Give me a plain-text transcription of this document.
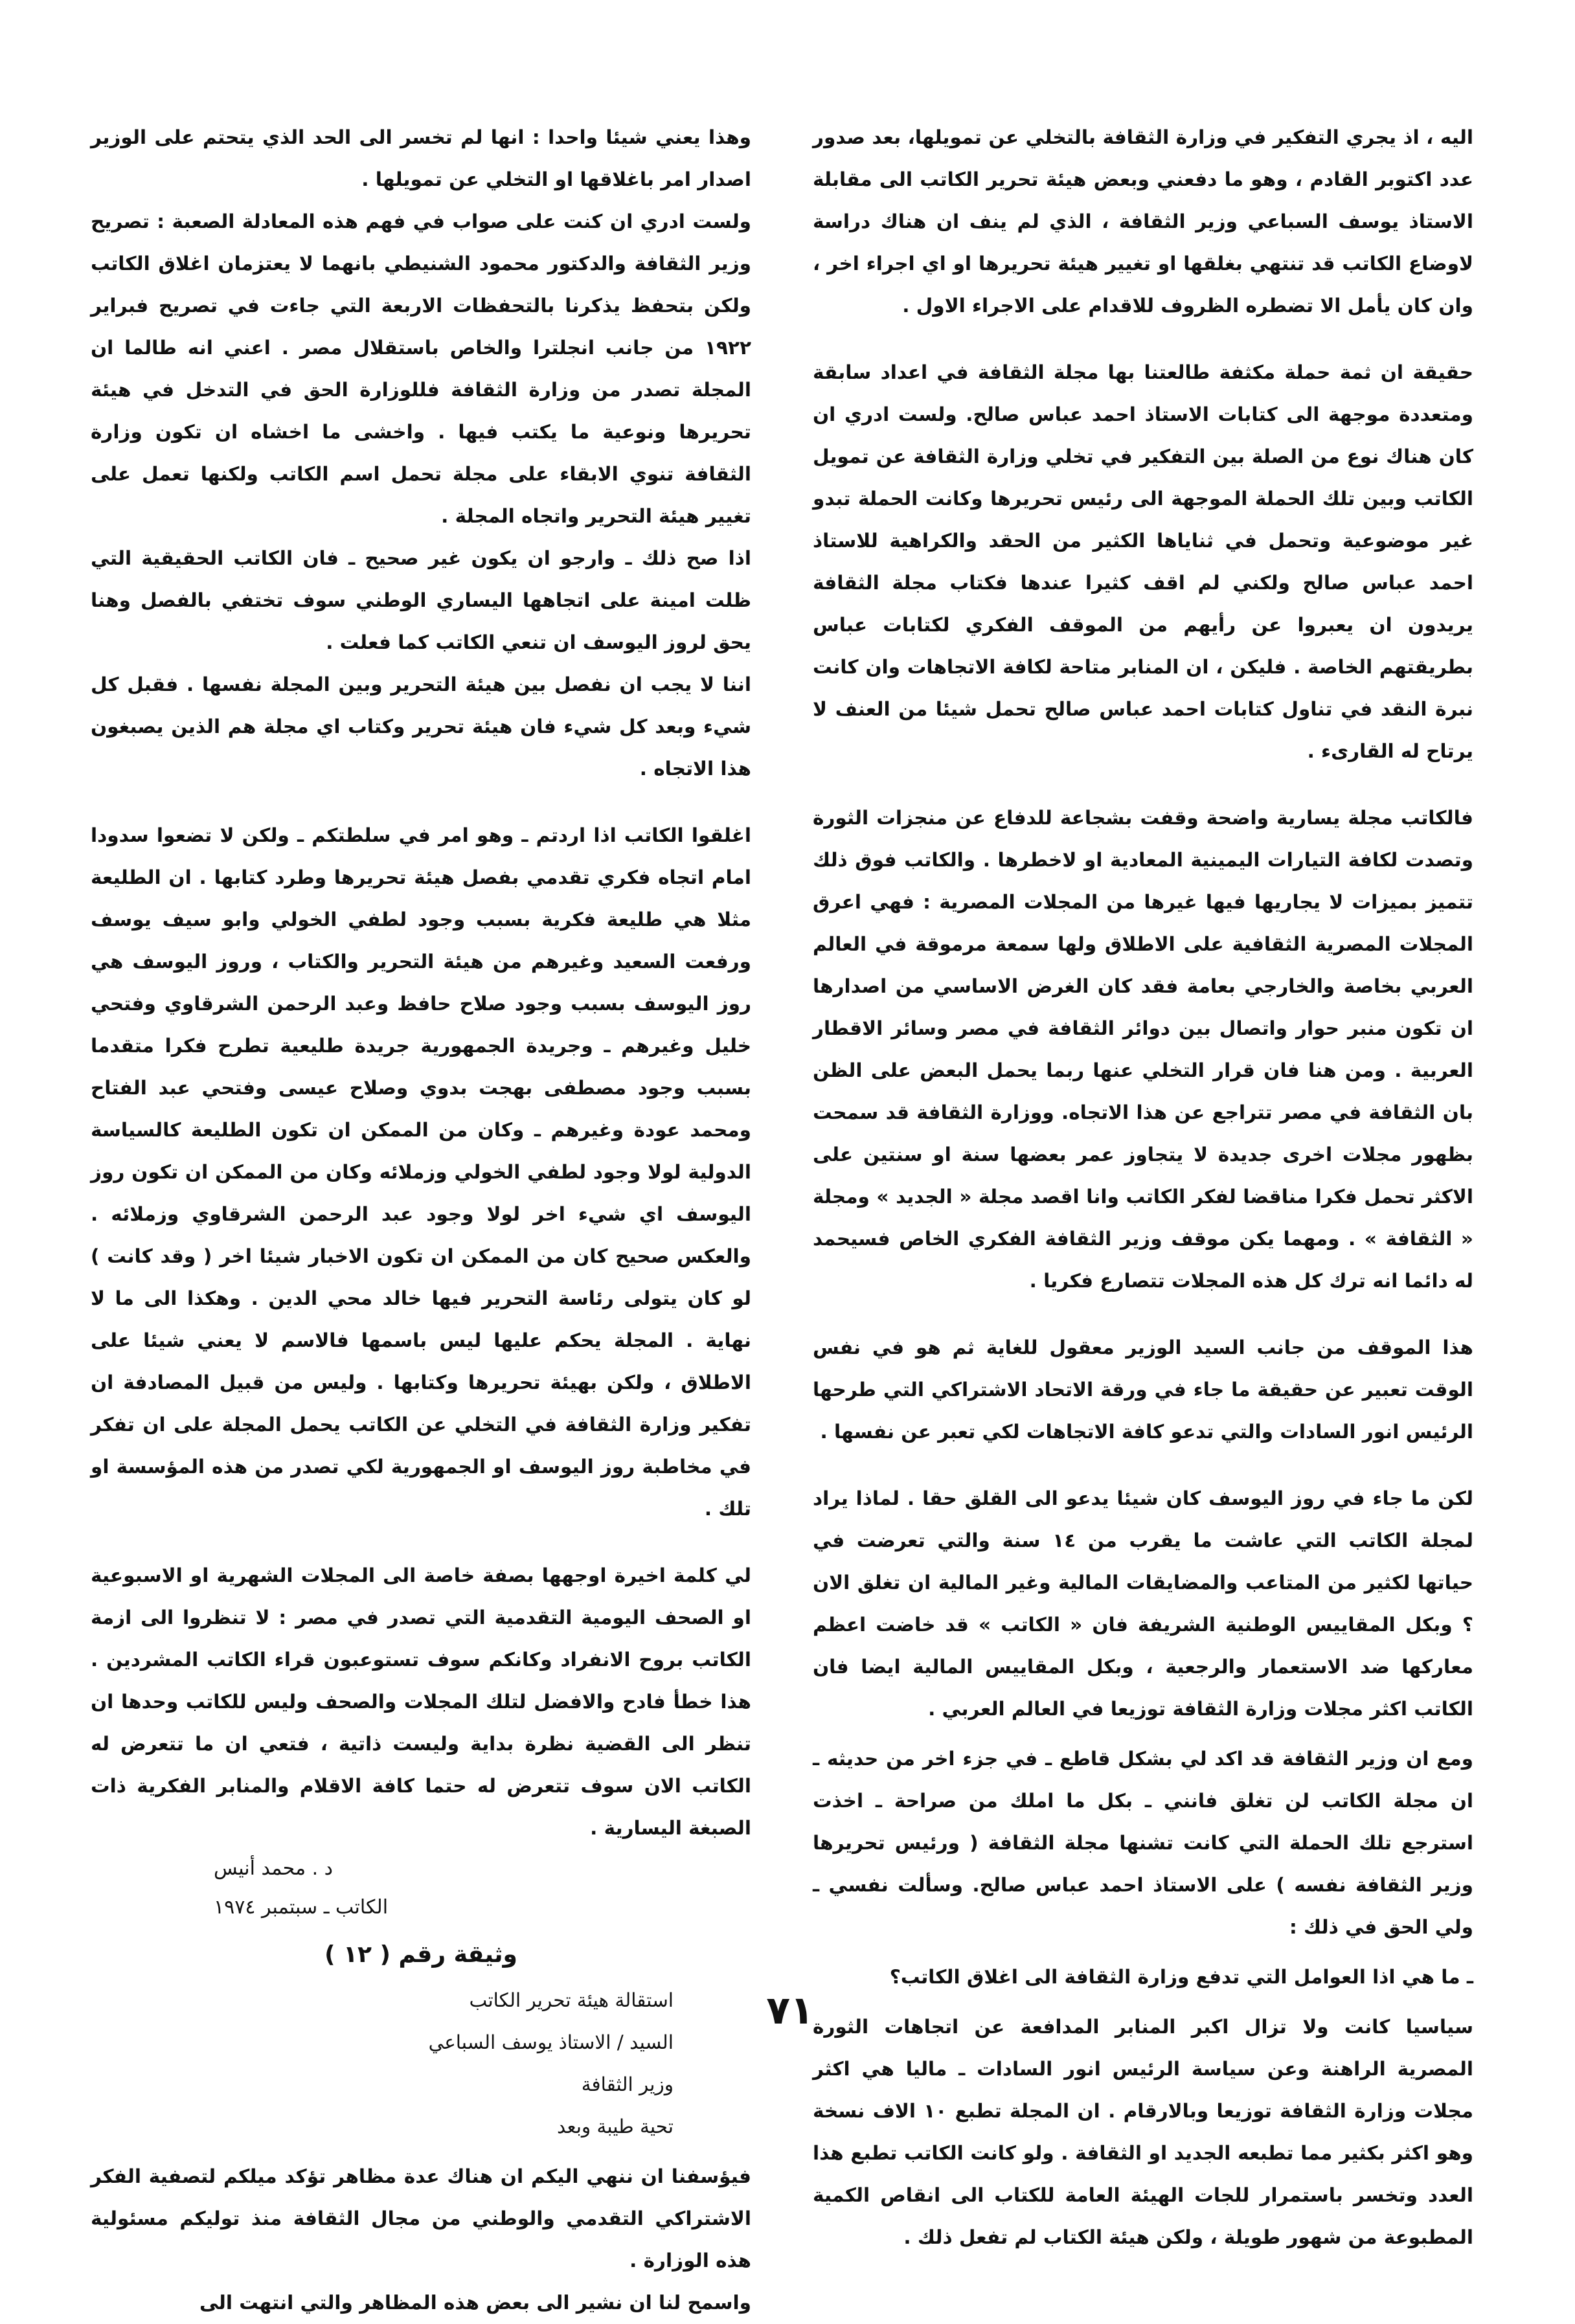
اليه ، اذ يجري التفكير في وزارة الثقافة بالتخلي عن تمويلها، بعد صدور عدد اكتوبر القادم ، وهو ما دفعني وبعض هيئة تحرير الكاتب الى مقابلة الاستاذ يوسف السباعي وزير الثقافة ، الذي لم ينف ان هناك دراسة لاوضاع الكاتب قد تنتهي بغلقها او تغيير هيئة تحريرها او اي اجراء اخر ، وان كان يأمل الا تضطره الظروف للاقدام على الاجراء الاول .

حقيقة ان ثمة حملة مكثفة طالعتنا بها مجلة الثقافة في اعداد سابقة ومتعددة موجهة الى كتابات الاستاذ احمد عباس صالح. ولست ادري ان كان هناك نوع من الصلة بين التفكير في تخلي وزارة الثقافة عن تمويل الكاتب وبين تلك الحملة الموجهة الى رئيس تحريرها وكانت الحملة تبدو غير موضوعية وتحمل في ثناياها الكثير من الحقد والكراهية للاستاذ احمد عباس صالح ولكني لم اقف كثيرا عندها فكتاب مجلة الثقافة يريدون ان يعبروا عن رأيهم من الموقف الفكري لكتابات عباس بطريقتهم الخاصة . فليكن ، ان المنابر متاحة لكافة الاتجاهات وان كانت نبرة النقد في تناول كتابات احمد عباس صالح تحمل شيئا من العنف لا يرتاح له القارىء .

فالكاتب مجلة يسارية واضحة وقفت بشجاعة للدفاع عن منجزات الثورة وتصدت لكافة التيارات اليمينية المعادية او لاخطرها . والكاتب فوق ذلك تتميز بميزات لا يجاريها فيها غيرها من المجلات المصرية : فهي اعرق المجلات المصرية الثقافية على الاطلاق ولها سمعة مرموقة في العالم العربي بخاصة والخارجي بعامة فقد كان الغرض الاساسي من اصدارها ان تكون منبر حوار واتصال بين دوائر الثقافة في مصر وسائر الاقطار العربية . ومن هنا فان قرار التخلي عنها ربما يحمل البعض على الظن بان الثقافة في مصر تتراجع عن هذا الاتجاه. ووزارة الثقافة قد سمحت بظهور مجلات اخرى جديدة لا يتجاوز عمر بعضها سنة او سنتين على الاكثر تحمل فكرا مناقضا لفكر الكاتب وانا اقصد مجلة « الجديد » ومجلة « الثقافة » . ومهما يكن موقف وزير الثقافة الفكري الخاص فسيحمد له دائما انه ترك كل هذه المجلات تتصارع فكريا .

هذا الموقف من جانب السيد الوزير معقول للغاية ثم هو في نفس الوقت تعبير عن حقيقة ما جاء في ورقة الاتحاد الاشتراكي التي طرحها الرئيس انور السادات والتي تدعو كافة الاتجاهات لكي تعبر عن نفسها .

لكن ما جاء في روز اليوسف كان شيئا يدعو الى القلق حقا . لماذا يراد لمجلة الكاتب التي عاشت ما يقرب من ١٤ سنة والتي تعرضت في حياتها لكثير من المتاعب والمضايقات المالية وغير المالية ان تغلق الان ؟ وبكل المقاييس الوطنية الشريفة فان « الكاتب » قد خاضت اعظم معاركها ضد الاستعمار والرجعية ، وبكل المقاييس المالية ايضا فان الكاتب اكثر مجلات وزارة الثقافة توزيعا في العالم العربي .

ومع ان وزير الثقافة قد اكد لي بشكل قاطع ـ في جزء اخر من حديثه ـ ان مجلة الكاتب لن تغلق فانني ـ بكل ما املك من صراحة ـ اخذت استرجع تلك الحملة التي كانت تشنها مجلة الثقافة ( ورئيس تحريرها وزير الثقافة نفسه ) على الاستاذ احمد عباس صالح. وسألت نفسي ـ ولي الحق في ذلك :

ـ ما هي اذا العوامل التي تدفع وزارة الثقافة الى اغلاق الكاتب؟

سياسيا كانت ولا تزال اكبر المنابر المدافعة عن اتجاهات الثورة المصرية الراهنة وعن سياسة الرئيس انور السادات ـ ماليا هي اكثر مجلات وزارة الثقافة توزيعا وبالارقام . ان المجلة تطبع ١٠ الاف نسخة وهو اكثر بكثير مما تطبعه الجديد او الثقافة . ولو كانت الكاتب تطبع هذا العدد وتخسر باستمرار للجات الهيئة العامة للكتاب الى انقاص الكمية المطبوعة من شهور طويلة ، ولكن هيئة الكتاب لم تفعل ذلك .

وهذا يعني شيئا واحدا : انها لم تخسر الى الحد الذي يتحتم على الوزير اصدار امر باغلاقها او التخلي عن تمويلها .

ولست ادري ان كنت على صواب في فهم هذه المعادلة الصعبة : تصريح وزير الثقافة والدكتور محمود الشنيطي بانهما لا يعتزمان اغلاق الكاتب ولكن بتحفظ يذكرنا بالتحفظات الاربعة التي جاءت في تصريح فبراير ١٩٢٢ من جانب انجلترا والخاص باستقلال مصر . اعني انه طالما ان المجلة تصدر من وزارة الثقافة فللوزارة الحق في التدخل في هيئة تحريرها ونوعية ما يكتب فيها . واخشى ما اخشاه ان تكون وزارة الثقافة تنوي الابقاء على مجلة تحمل اسم الكاتب ولكنها تعمل على تغيير هيئة التحرير واتجاه المجلة .

اذا صح ذلك ـ وارجو ان يكون غير صحيح ـ فان الكاتب الحقيقية التي ظلت امينة على اتجاهها اليساري الوطني سوف تختفي بالفصل وهنا يحق لروز اليوسف ان تنعي الكاتب كما فعلت .

اننا لا يجب ان نفصل بين هيئة التحرير وبين المجلة نفسها . فقبل كل شيء وبعد كل شيء فان هيئة تحرير وكتاب اي مجلة هم الذين يصبغون هذا الاتجاه .

اغلقوا الكاتب اذا اردتم ـ وهو امر في سلطتكم ـ ولكن لا تضعوا سدودا امام اتجاه فكري تقدمي بفصل هيئة تحريرها وطرد كتابها . ان الطليعة مثلا هي طليعة فكرية بسبب وجود لطفي الخولي وابو سيف يوسف ورفعت السعيد وغيرهم من هيئة التحرير والكتاب ، وروز اليوسف هي روز اليوسف بسبب وجود صلاح حافظ وعبد الرحمن الشرقاوي وفتحي خليل وغيرهم ـ وجريدة الجمهورية جريدة طليعية تطرح فكرا متقدما بسبب وجود مصطفى بهجت بدوي وصلاح عيسى وفتحي عبد الفتاح ومحمد عودة وغيرهم ـ وكان من الممكن ان تكون الطليعة كالسياسة الدولية لولا وجود لطفي الخولي وزملائه وكان من الممكن ان تكون روز اليوسف اي شيء اخر لولا وجود عبد الرحمن الشرقاوي وزملائه . والعكس صحيح كان من الممكن ان تكون الاخبار شيئا اخر ( وقد كانت ) لو كان يتولى رئاسة التحرير فيها خالد محي الدين . وهكذا الى ما لا نهاية . المجلة يحكم عليها ليس باسمها فالاسم لا يعني شيئا على الاطلاق ، ولكن بهيئة تحريرها وكتابها . وليس من قبيل المصادفة ان تفكير وزارة الثقافة في التخلي عن الكاتب يحمل المجلة على ان تفكر في مخاطبة روز اليوسف او الجمهورية لكي تصدر من هذه المؤسسة او تلك .

لي كلمة اخيرة اوجهها بصفة خاصة الى المجلات الشهرية او الاسبوعية او الصحف اليومية التقدمية التي تصدر في مصر : لا تنظروا الى ازمة الكاتب بروح الانفراد وكانكم سوف تستوعبون قراء الكاتب المشردين . هذا خطأ فادح والافضل لتلك المجلات والصحف وليس للكاتب وحدها ان تنظر الى القضية نظرة بداية وليست ذاتية ، فتعي ان ما تتعرض له الكاتب الان سوف تتعرض له حتما كافة الاقلام والمنابر الفكرية ذات الصبغة اليسارية .

د . محمد أنيس
الكاتب ـ سبتمبر ١٩٧٤
وثيقة رقم ( ١٢ )
استقالة هيئة تحرير الكاتب
السيد / الاستاذ يوسف السباعي
وزير الثقافة
تحية طيبة وبعد

فيؤسفنا ان ننهي اليكم ان هناك عدة مظاهر تؤكد ميلكم لتصفية الفكر الاشتراكي التقدمي والوطني من مجال الثقافة منذ توليكم مسئولية هذه الوزارة .

واسمح لنا ان نشير الى بعض هذه المظاهر والتي انتهت الى

٧١
